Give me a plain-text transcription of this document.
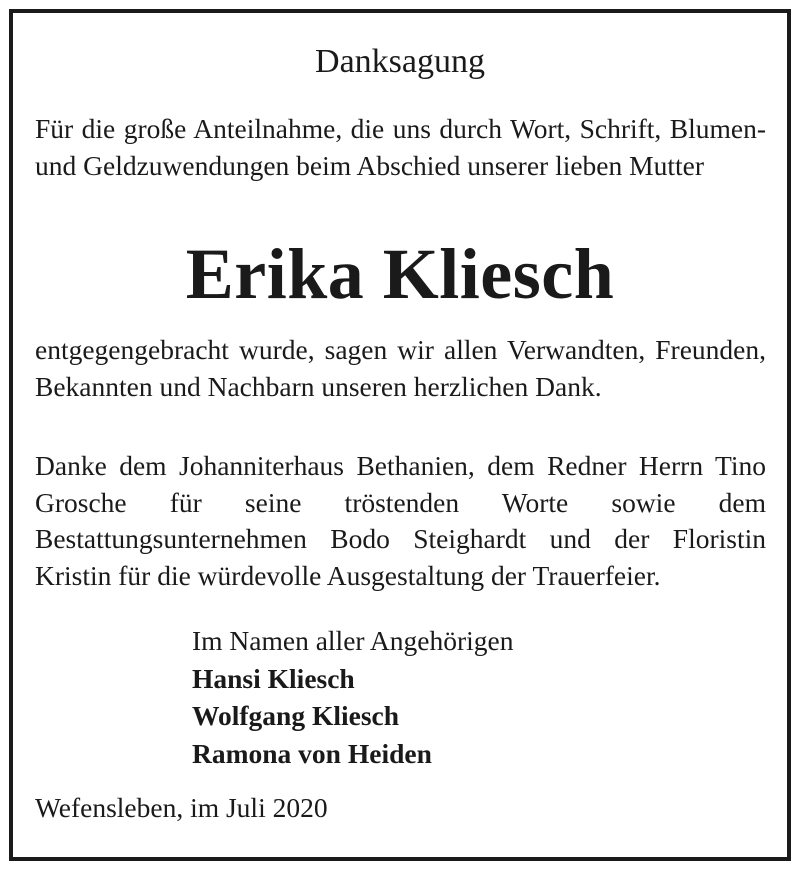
Danksagung
Für die große Anteilnahme, die uns durch Wort, Schrift, Blumen- und Geldzuwendungen beim Abschied unserer lieben Mutter
Erika Kliesch
entgegengebracht wurde, sagen wir allen Verwandten, Freunden, Bekannten und Nachbarn unseren herzlichen Dank.
Danke dem Johanniterhaus Bethanien, dem Redner Herrn Tino Grosche für seine tröstenden Worte sowie dem Bestattungsunternehmen Bodo Steighardt und der Floristin Kristin für die würdevolle Ausgestaltung der Trauerfeier.
Im Namen aller Angehörigen
Hansi Kliesch
Wolfgang Kliesch
Ramona von Heiden
Wefensleben, im Juli 2020
